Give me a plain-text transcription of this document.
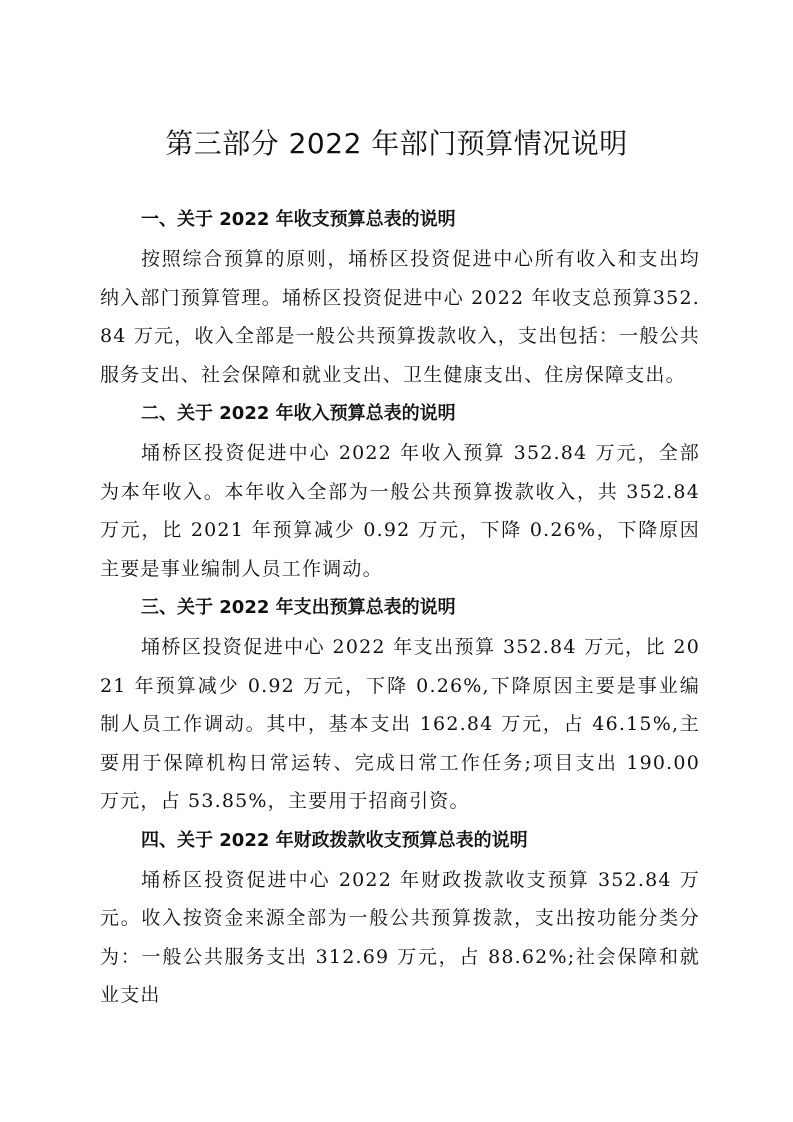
第三部分 2022 年部门预算情况说明
一、关于 2022 年收支预算总表的说明

按照综合预算的原则，埇桥区投资促进中心所有收入和支出均纳入部门预算管理。埇桥区投资促进中心 2022 年收支总预算352.84 万元，收入全部是一般公共预算拨款收入，支出包括：一般公共服务支出、社会保障和就业支出、卫生健康支出、住房保障支出。

二、关于 2022 年收入预算总表的说明

埇桥区投资促进中心 2022 年收入预算 352.84 万元，全部为本年收入。本年收入全部为一般公共预算拨款收入，共 352.84 万元，比 2021 年预算减少 0.92 万元，下降 0.26%，下降原因主要是事业编制人员工作调动。

三、关于 2022 年支出预算总表的说明

埇桥区投资促进中心 2022 年支出预算 352.84 万元，比 2021 年预算减少 0.92 万元，下降 0.26%,下降原因主要是事业编制人员工作调动。其中，基本支出 162.84 万元，占 46.15%,主要用于保障机构日常运转、完成日常工作任务;项目支出 190.00 万元，占 53.85%，主要用于招商引资。

四、关于 2022 年财政拨款收支预算总表的说明

埇桥区投资促进中心 2022 年财政拨款收支预算 352.84 万元。收入按资金来源全部为一般公共预算拨款，支出按功能分类分为：一般公共服务支出 312.69 万元，占 88.62%;社会保障和就业支出
